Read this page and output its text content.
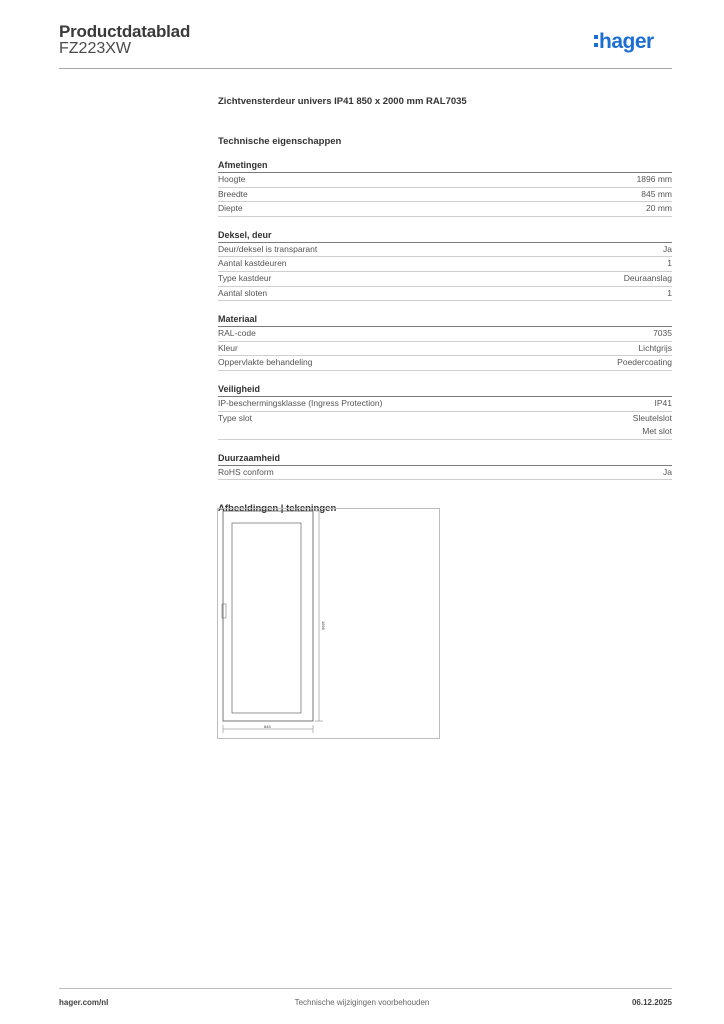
Productdatablad
FZ223XW	hager

Zichtvensterdeur univers IP41 850 x 2000 mm RAL7035

Technische eigenschappen
Afmetingen
Hoogte	1896 mm
Breedte	845 mm
Diepte	20 mm
Deksel, deur
Deur/deksel is transparant	Ja
Aantal kastdeuren	1
Type kastdeur	Deuraanslag
Aantal sloten	1
Materiaal
RAL-code	7035
Kleur	Lichtgrijs
Oppervlakte behandeling	Poedercoating
Veiligheid
IP-beschermingsklasse (Ingress Protection)	IP41
Type slot	Sleutelslot
Met slot
Duurzaamheid
RoHS conform	Ja
Afbeeldingen | tekeningen
1896
845
hager.com/nl	Technische wijzigingen voorbehouden	06.12.2025
